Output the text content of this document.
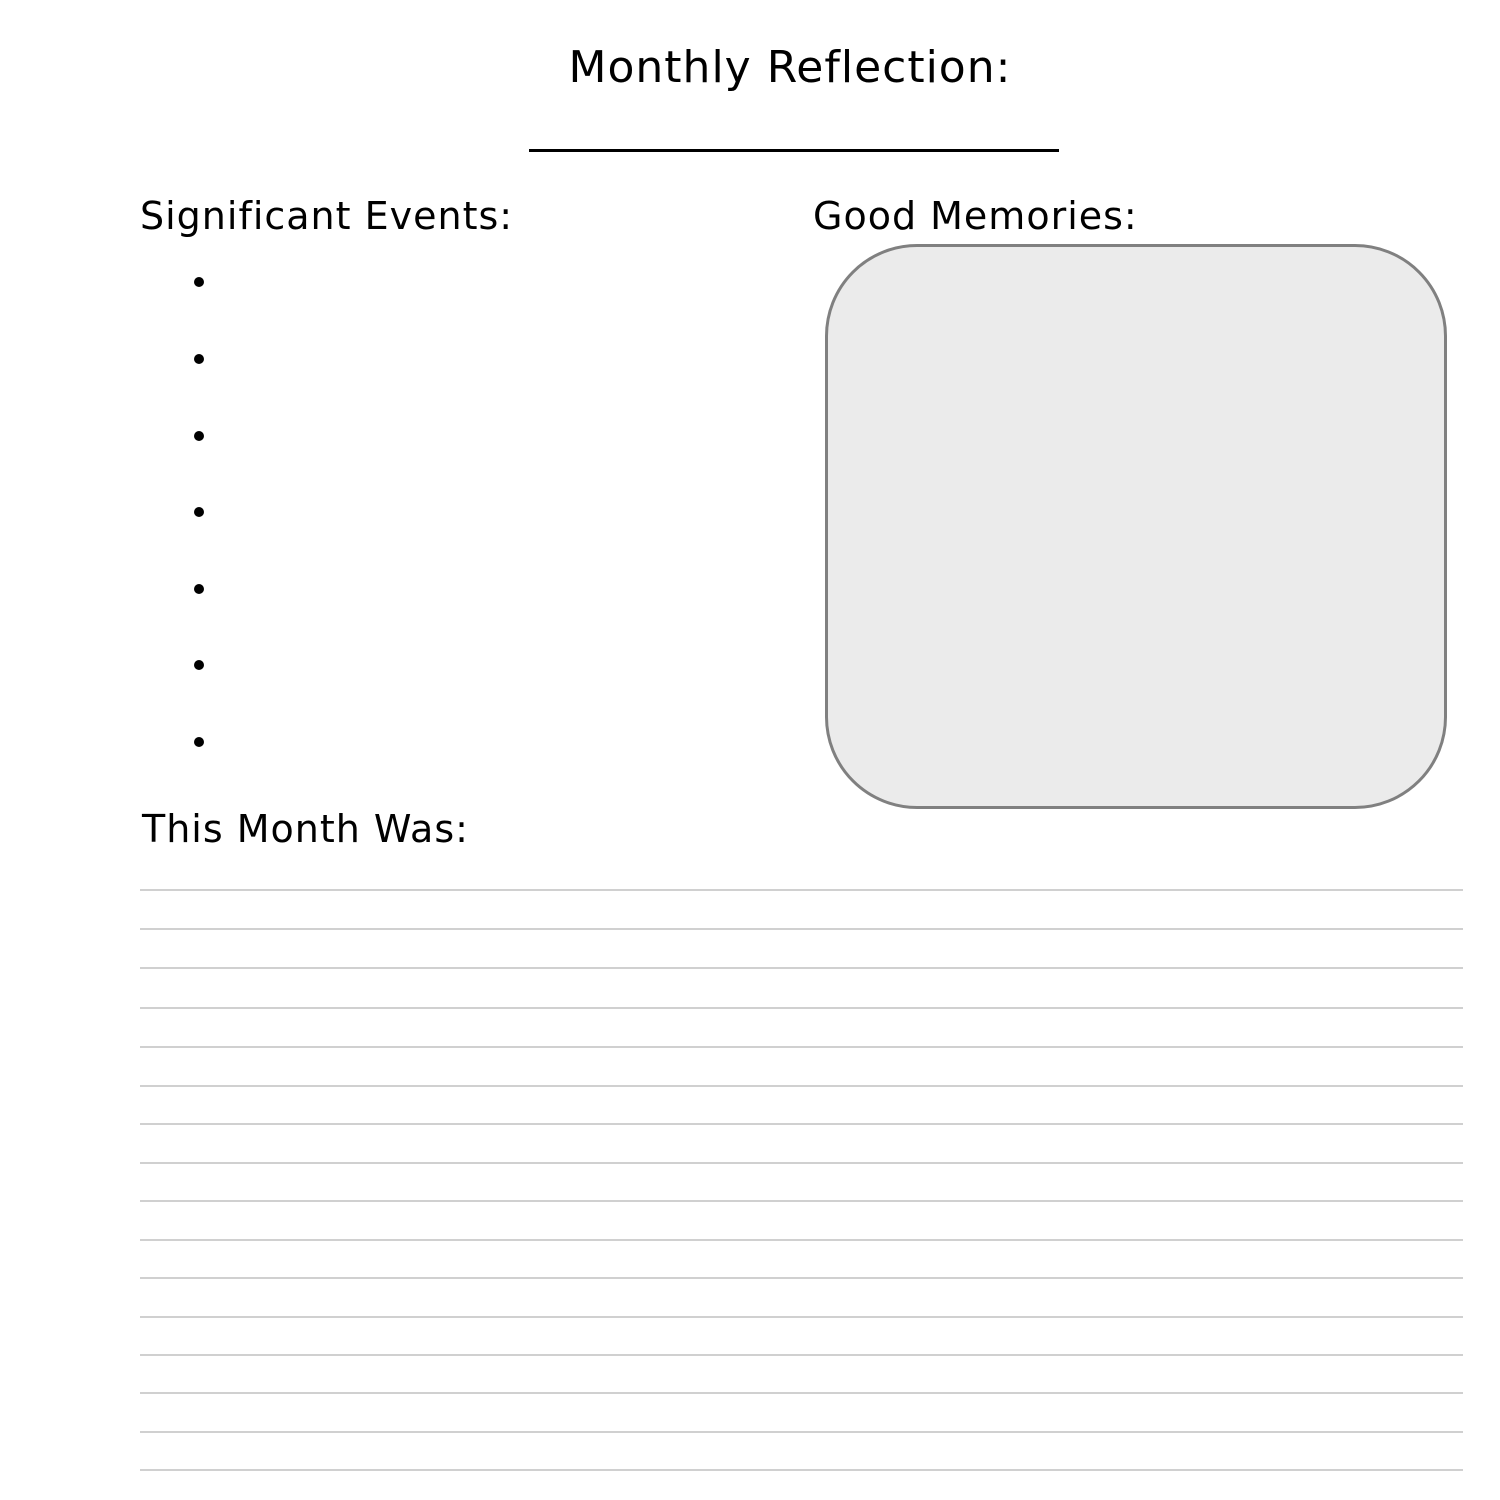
Monthly Reflection:
Significant Events:	Good Memories:
This Month Was:
